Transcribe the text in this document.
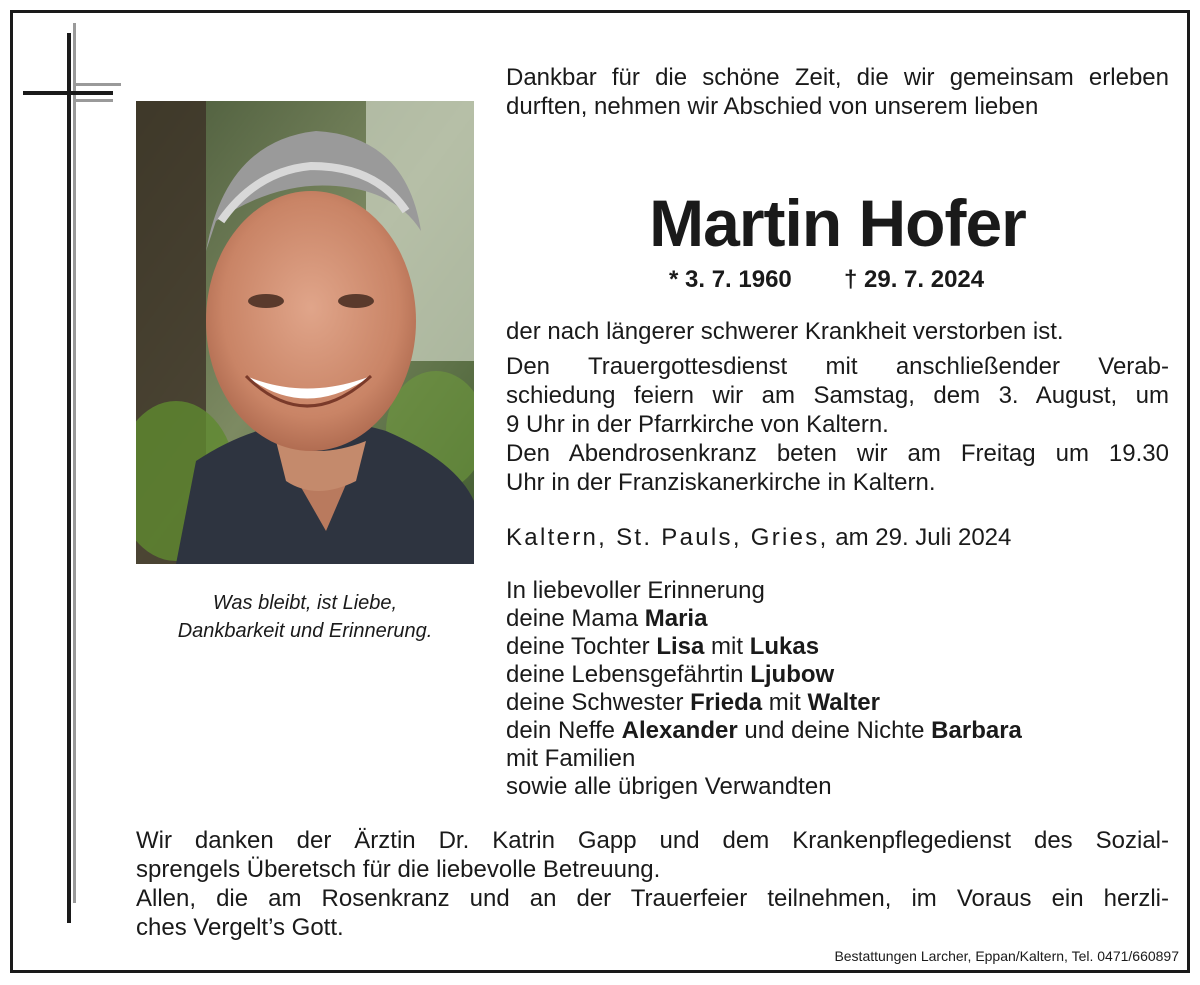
Was bleibt, ist Liebe,
Dankbarkeit und Erinnerung.
Dankbar für die schöne Zeit, die wir gemeinsam erleben durften, nehmen wir Abschied von unserem lieben
Martin Hofer
* 3. 7. 1960 † 29. 7. 2024
der nach längerer schwerer Krankheit verstorben ist.
Den Trauergottesdienst mit anschließender Verab-
schiedung feiern wir am Samstag, dem 3. August, um
9 Uhr in der Pfarrkirche von Kaltern.
Den Abendrosenkranz beten wir am Freitag um 19.30
Uhr in der Franziskanerkirche in Kaltern.
Kaltern, St. Pauls, Gries, am 29. Juli 2024
In liebevoller Erinnerung
deine Mama Maria
deine Tochter Lisa mit Lukas
deine Lebensgefährtin Ljubow
deine Schwester Frieda mit Walter
dein Neffe Alexander und deine Nichte Barbara
mit Familien
sowie alle übrigen Verwandten
Wir danken der Ärztin Dr. Katrin Gapp und dem Krankenpflegedienst des Sozial-
sprengels Überetsch für die liebevolle Betreuung.
Allen, die am Rosenkranz und an der Trauerfeier teilnehmen, im Voraus ein herzli-
ches Vergelt’s Gott.
Bestattungen Larcher, Eppan/Kaltern, Tel. 0471/660897
